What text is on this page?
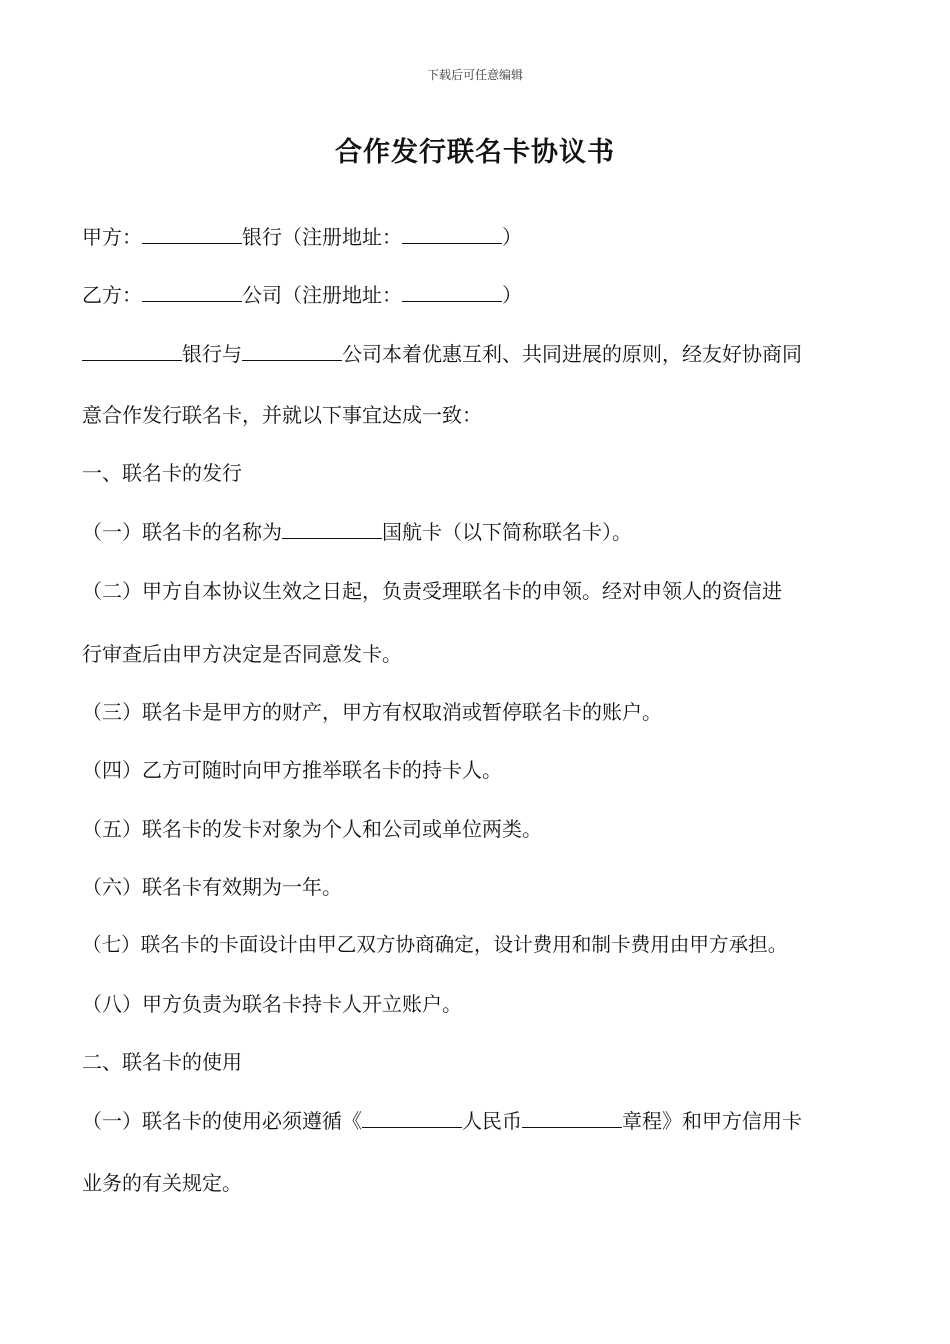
下载后可任意编辑
合作发行联名卡协议书
甲方：	银行（注册地址：	）
乙方：	公司（注册地址：	）
银行与	公司本着优惠互利、共同进展的原则，经友好协商同
意合作发行联名卡，并就以下事宜达成一致：
一、联名卡的发行
（一）联名卡的名称为	国航卡（以下简称联名卡）。
（二）甲方自本协议生效之日起，负责受理联名卡的申领。经对申领人的资信进
行审查后由甲方决定是否同意发卡。
（三）联名卡是甲方的财产，甲方有权取消或暂停联名卡的账户。
（四）乙方可随时向甲方推举联名卡的持卡人。
（五）联名卡的发卡对象为个人和公司或单位两类。
（六）联名卡有效期为一年。
（七）联名卡的卡面设计由甲乙双方协商确定，设计费用和制卡费用由甲方承担。
（八）甲方负责为联名卡持卡人开立账户。
二、联名卡的使用
（一）联名卡的使用必须遵循《	人民币	章程》和甲方信用卡
业务的有关规定。
